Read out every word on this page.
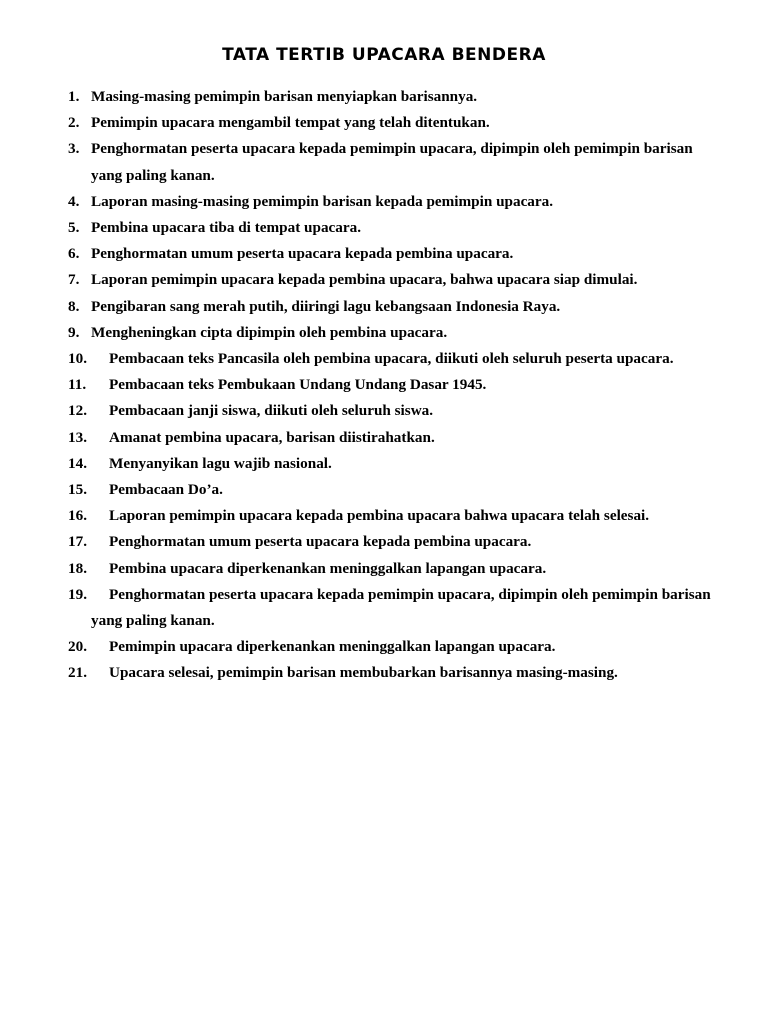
TATA TERTIB UPACARA BENDERA
1. Masing-masing pemimpin barisan menyiapkan barisannya.
2. Pemimpin upacara mengambil tempat yang telah ditentukan.
3. Penghormatan peserta upacara kepada pemimpin upacara, dipimpin oleh pemimpin barisan yang paling kanan.
4. Laporan masing-masing pemimpin barisan kepada pemimpin upacara.
5. Pembina upacara tiba di tempat upacara.
6. Penghormatan umum peserta upacara kepada pembina upacara.
7. Laporan pemimpin upacara kepada pembina upacara, bahwa upacara siap dimulai.
8. Pengibaran sang merah putih, diiringi lagu kebangsaan Indonesia Raya.
9. Mengheningkan cipta dipimpin oleh pembina upacara.
10.	Pembacaan teks Pancasila oleh pembina upacara, diikuti oleh seluruh peserta upacara.
11.	Pembacaan teks Pembukaan Undang Undang Dasar 1945.
12.	Pembacaan janji siswa, diikuti oleh seluruh siswa.
13.	Amanat pembina upacara, barisan diistirahatkan.
14.	Menyanyikan lagu wajib nasional.
15.	Pembacaan Do’a.
16.	Laporan pemimpin upacara kepada pembina upacara bahwa upacara telah selesai.
17.	Penghormatan umum peserta upacara kepada pembina upacara.
18.	Pembina upacara diperkenankan meninggalkan lapangan upacara.
19.	Penghormatan peserta upacara kepada pemimpin upacara, dipimpin oleh pemimpin barisan yang paling kanan.
20.	Pemimpin upacara diperkenankan meninggalkan lapangan upacara.
21.	Upacara selesai, pemimpin barisan membubarkan barisannya masing-masing.
